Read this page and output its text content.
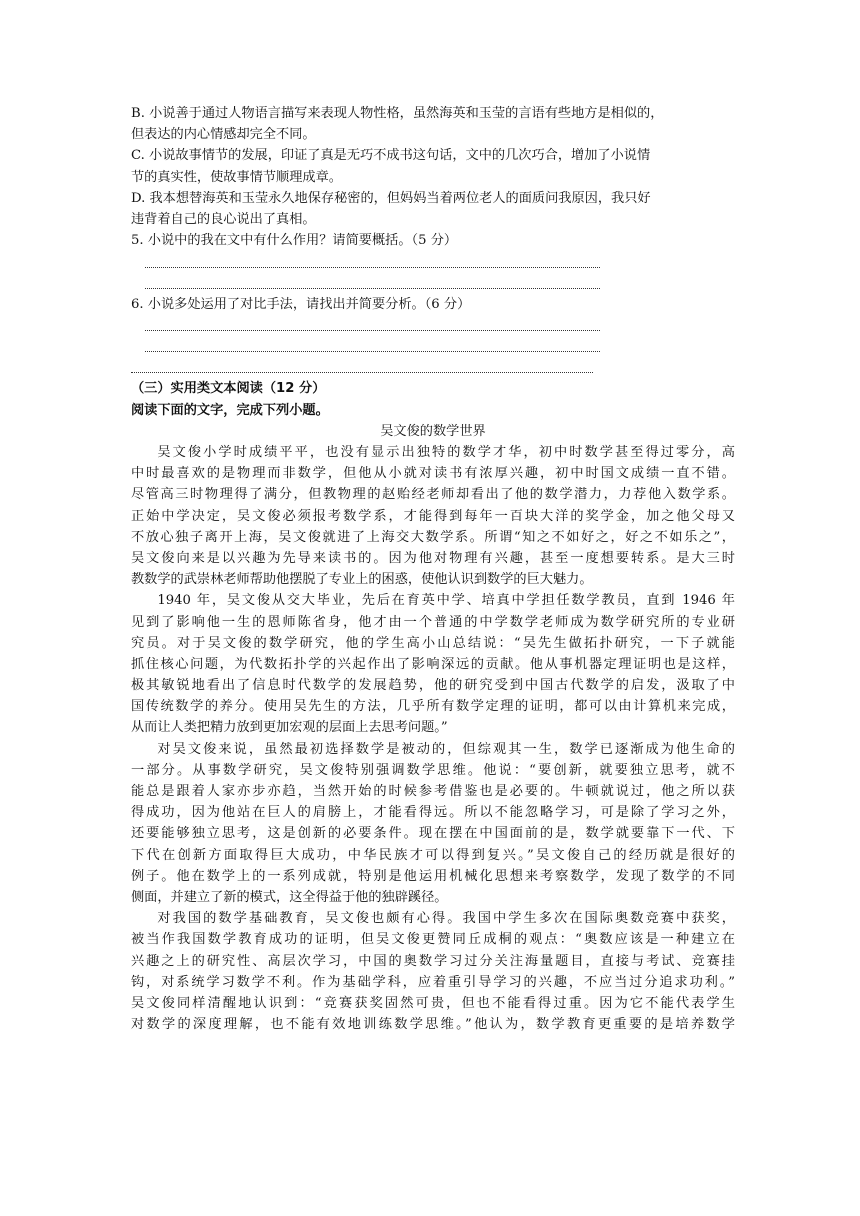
B. 小说善于通过人物语言描写来表现人物性格，虽然海英和玉莹的言语有些地方是相似的，
但表达的内心情感却完全不同。
C. 小说故事情节的发展，印证了真是无巧不成书这句话，文中的几次巧合，增加了小说情
节的真实性，使故事情节顺理成章。
D. 我本想替海英和玉莹永久地保存秘密的，但妈妈当着两位老人的面质问我原因，我只好
违背着自己的良心说出了真相。
5. 小说中的我在文中有什么作用？请简要概括。（5 分）
6. 小说多处运用了对比手法，请找出并简要分析。（6 分）
（三）实用类文本阅读（12 分）
阅读下面的文字，完成下列小题。
吴文俊的数学世界
吴文俊小学时成绩平平，也没有显示出独特的数学才华，初中时数学甚至得过零分，高
中时最喜欢的是物理而非数学，但他从小就对读书有浓厚兴趣，初中时国文成绩一直不错。
尽管高三时物理得了满分，但教物理的赵贻经老师却看出了他的数学潜力，力荐他入数学系。
正始中学决定，吴文俊必须报考数学系，才能得到每年一百块大洋的奖学金，加之他父母又
不放心独子离开上海，吴文俊就进了上海交大数学系。所谓“知之不如好之，好之不如乐之”，
吴文俊向来是以兴趣为先导来读书的。因为他对物理有兴趣，甚至一度想要转系。是大三时
教数学的武崇林老师帮助他摆脱了专业上的困惑，使他认识到数学的巨大魅力。
1940 年，吴文俊从交大毕业，先后在育英中学、培真中学担任数学教员，直到 1946 年
见到了影响他一生的恩师陈省身，他才由一个普通的中学数学老师成为数学研究所的专业研
究员。对于吴文俊的数学研究，他的学生高小山总结说：“吴先生做拓扑研究，一下子就能
抓住核心问题，为代数拓扑学的兴起作出了影响深远的贡献。他从事机器定理证明也是这样，
极其敏锐地看出了信息时代数学的发展趋势，他的研究受到中国古代数学的启发，汲取了中
国传统数学的养分。使用吴先生的方法，几乎所有数学定理的证明，都可以由计算机来完成，
从而让人类把精力放到更加宏观的层面上去思考问题。”
对吴文俊来说，虽然最初选择数学是被动的，但综观其一生，数学已逐渐成为他生命的
一部分。从事数学研究，吴文俊特别强调数学思维。他说：“要创新，就要独立思考，就不
能总是跟着人家亦步亦趋，当然开始的时候参考借鉴也是必要的。牛顿就说过，他之所以获
得成功，因为他站在巨人的肩膀上，才能看得远。所以不能忽略学习，可是除了学习之外，
还要能够独立思考，这是创新的必要条件。现在摆在中国面前的是，数学就要靠下一代、下
下代在创新方面取得巨大成功，中华民族才可以得到复兴。”吴文俊自己的经历就是很好的
例子。他在数学上的一系列成就，特别是他运用机械化思想来考察数学，发现了数学的不同
侧面，并建立了新的模式，这全得益于他的独辟蹊径。
对我国的数学基础教育，吴文俊也颇有心得。我国中学生多次在国际奥数竞赛中获奖，
被当作我国数学教育成功的证明，但吴文俊更赞同丘成桐的观点：“奥数应该是一种建立在
兴趣之上的研究性、高层次学习，中国的奥数学习过分关注海量题目，直接与考试、竞赛挂
钩，对系统学习数学不利。作为基础学科，应着重引导学习的兴趣，不应当过分追求功利。”
吴文俊同样清醒地认识到：“竞赛获奖固然可贵，但也不能看得过重。因为它不能代表学生
对数学的深度理解，也不能有效地训练数学思维。”他认为，数学教育更重要的是培养数学
